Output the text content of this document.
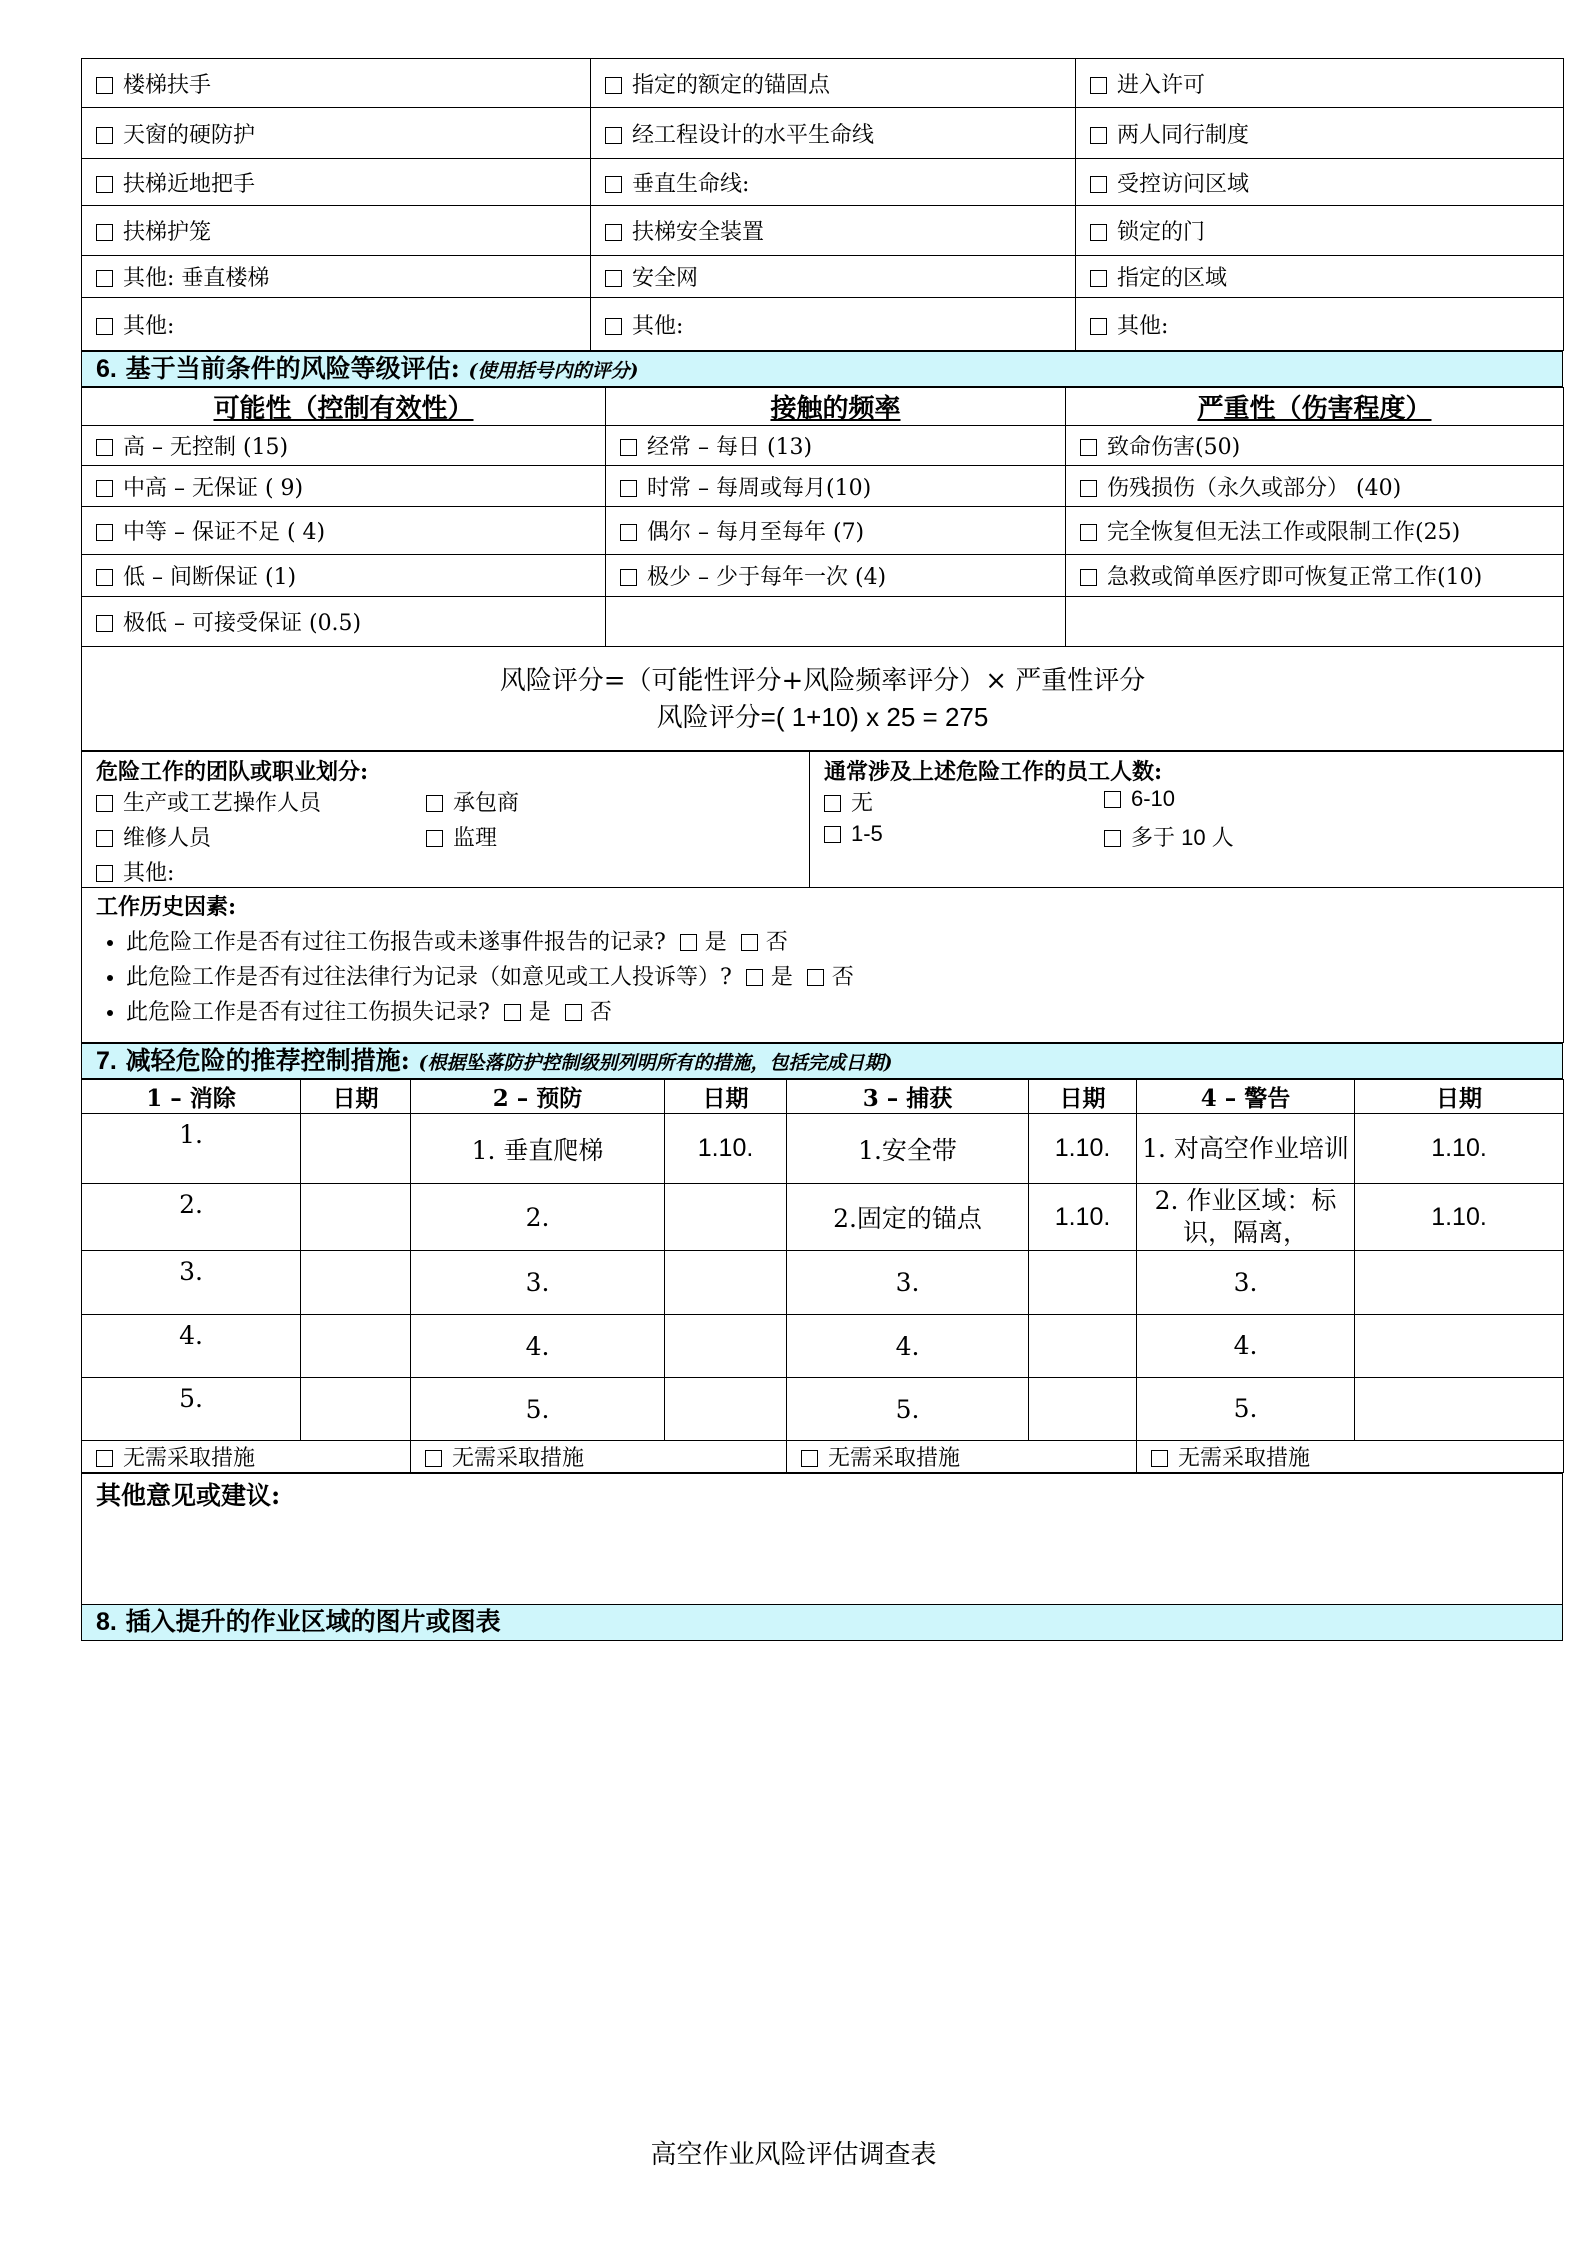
楼梯扶手	指定的额定的锚固点	进入许可
天窗的硬防护	经工程设计的水平生命线	两人同行制度
扶梯近地把手	垂直生命线:	受控访问区域
扶梯护笼	扶梯安全装置	锁定的门
其他: 垂直楼梯	安全网	指定的区域
其他:	其他:	其他:
6. 基于当前条件的风险等级评估: (使用括号内的评分)
可能性（控制有效性）	接触的频率	严重性（伤害程度）
高 – 无控制 (15)	经常 – 每日 (13)	致命伤害(50)
中高 – 无保证 ( 9)	时常 – 每周或每月(10)	伤残损伤（永久或部分） (40)
中等 – 保证不足 ( 4)	偶尔 – 每月至每年 (7)	完全恢复但无法工作或限制工作(25)
低 – 间断保证 (1)	极少 – 少于每年一次 (4)	急救或简单医疗即可恢复正常工作(10)
极低 – 可接受保证 (0.5)		

风险评分=（可能性评分+风险频率评分）× 严重性评分
风险评分=( 1+10) x 25 = 275		
危险工作的团队或职业划分:
生产或工艺操作人员	承包商
维修人员	监理
其他:

通常涉及上述危险工作的员工人数:
无	6-10
1-5	多于 10 人

工作历史因素:
• 此危险工作是否有过往工伤报告或未遂事件报告的记录? 是 否
• 此危险工作是否有过往法律行为记录（如意见或工人投诉等）? 是 否
• 此危险工作是否有过往工伤损失记录? 是 否
7. 减轻危险的推荐控制措施: (根据坠落防护控制级别列明所有的措施，包括完成日期)
1 – 消除	日期	2 – 预防	日期	3 – 捕获	日期	4 – 警告	日期
1.		1. 垂直爬梯	1.10.	1.安全带	1.10.	1. 对高空作业培训	1.10.
2.		2.		2.固定的锚点	1.10.	2. 作业区域：标识，隔离，	1.10.
3.		3.		3.		3.	
4.		4.		4.		4.	
5.		5.		5.		5.	
无需采取措施		无需采取措施		无需采取措施		无需采取措施	
其他意见或建议:
8. 插入提升的作业区域的图片或图表
高空作业风险评估调查表
